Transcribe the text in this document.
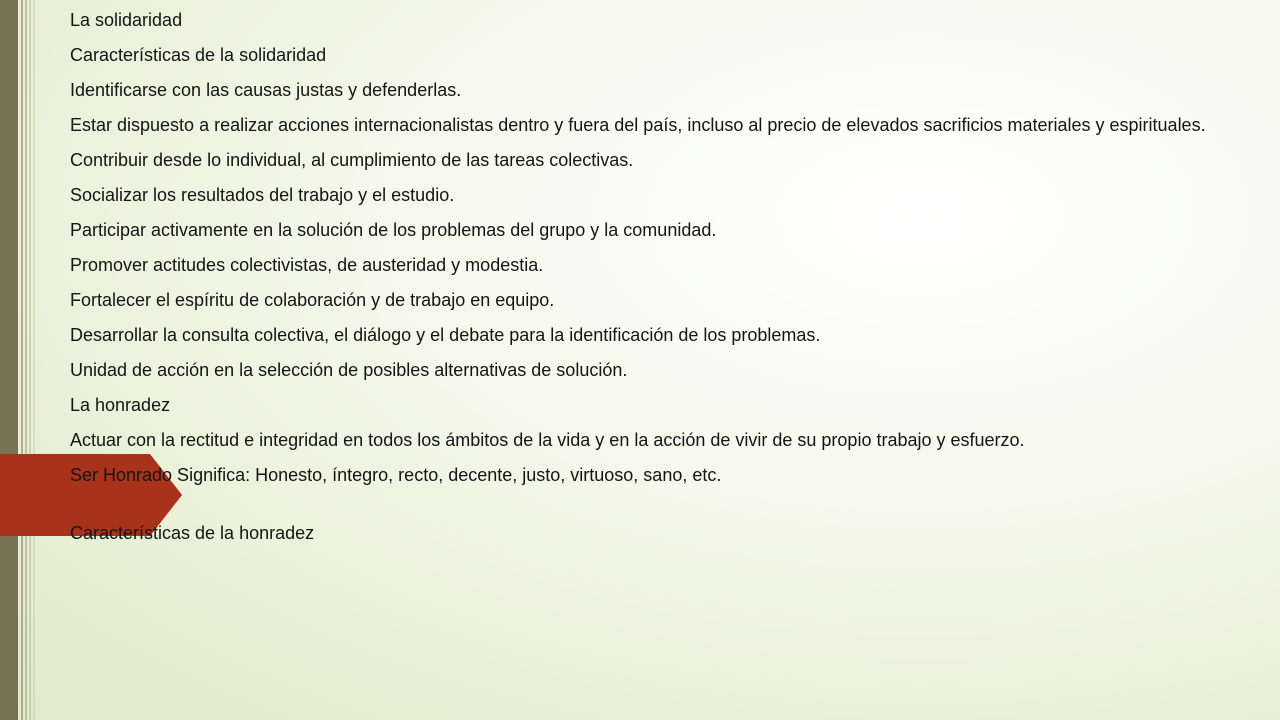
La solidaridad

Características de la solidaridad

Identificarse con las causas justas y defenderlas.

Estar dispuesto a realizar acciones internacionalistas dentro y fuera del país, incluso al precio de elevados sacrificios materiales y espirituales.

Contribuir desde lo individual, al cumplimiento de las tareas colectivas.

Socializar los resultados del trabajo y el estudio.

Participar activamente en la solución de los problemas del grupo y la comunidad.

Promover actitudes colectivistas, de austeridad y modestia.

Fortalecer el espíritu de colaboración y de trabajo en equipo.

Desarrollar la consulta colectiva, el diálogo y el debate para la identificación de los problemas.

Unidad de acción en la selección de posibles alternativas de solución.

La honradez

Actuar con la rectitud e integridad en todos los ámbitos de la vida y en la acción de vivir de su propio trabajo y esfuerzo.

Ser Honrado Significa: Honesto, íntegro, recto, decente, justo, virtuoso, sano, etc.

Características de la honradez
